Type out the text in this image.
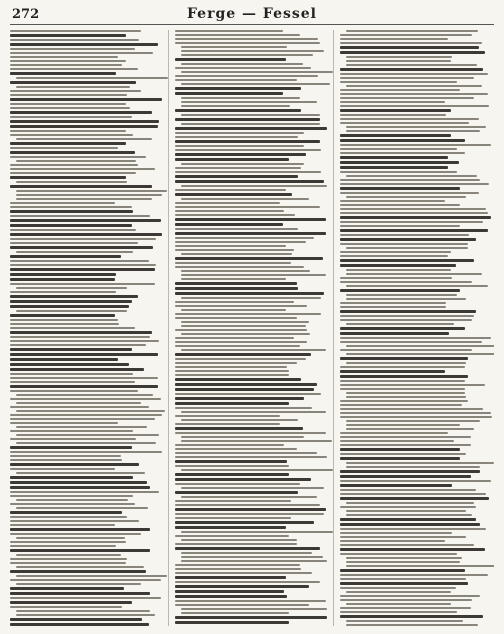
272	Ferge — Fessel
